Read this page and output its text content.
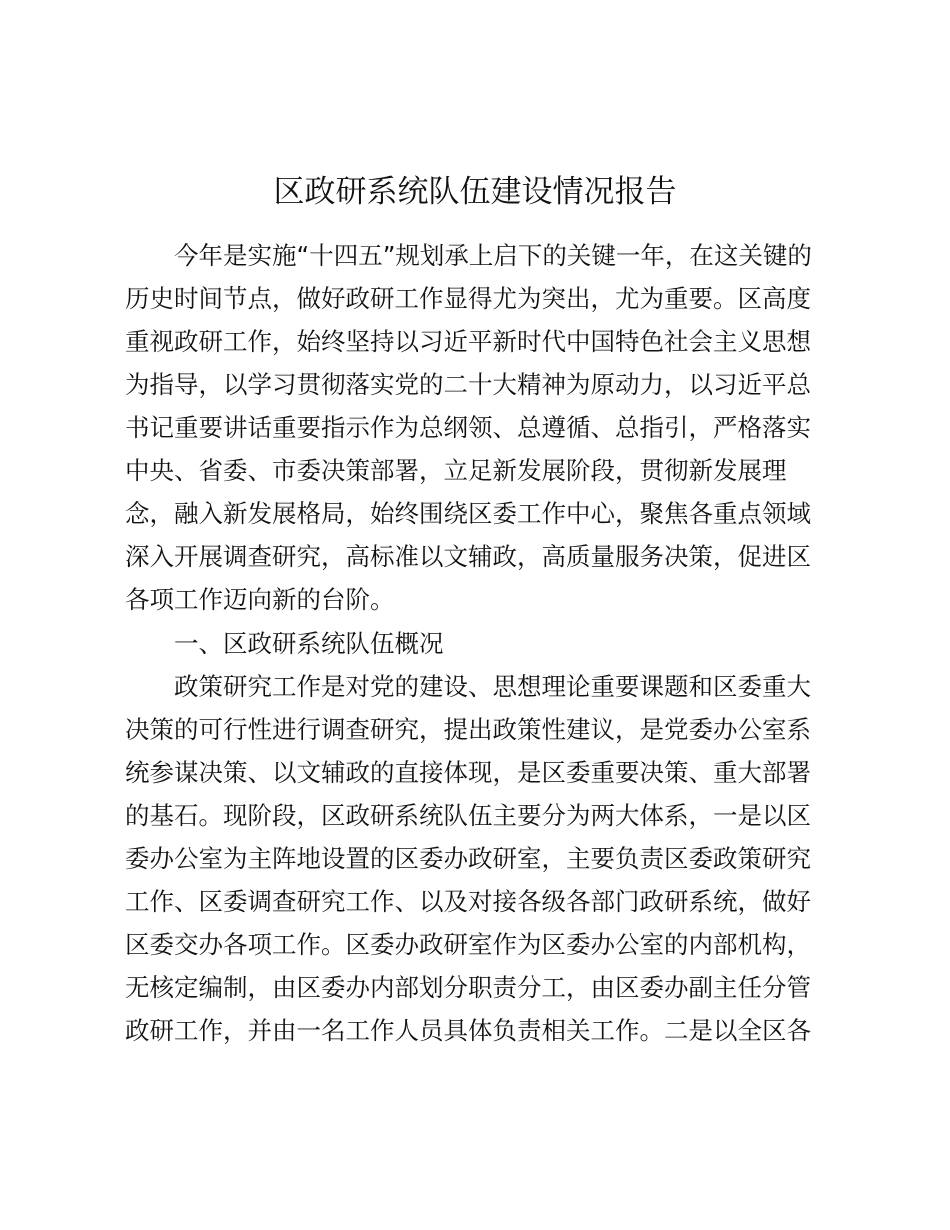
区政研系统队伍建设情况报告
今年是实施“十四五”规划承上启下的关键一年，在这关键的
历史时间节点，做好政研工作显得尤为突出，尤为重要。区高度
重视政研工作，始终坚持以习近平新时代中国特色社会主义思想
为指导，以学习贯彻落实党的二十大精神为原动力，以习近平总
书记重要讲话重要指示作为总纲领、总遵循、总指引，严格落实
中央、省委、市委决策部署，立足新发展阶段，贯彻新发展理
念，融入新发展格局，始终围绕区委工作中心，聚焦各重点领域
深入开展调查研究，高标准以文辅政，高质量服务决策，促进区
各项工作迈向新的台阶。
一、区政研系统队伍概况
政策研究工作是对党的建设、思想理论重要课题和区委重大
决策的可行性进行调查研究，提出政策性建议，是党委办公室系
统参谋决策、以文辅政的直接体现，是区委重要决策、重大部署
的基石。现阶段，区政研系统队伍主要分为两大体系，一是以区
委办公室为主阵地设置的区委办政研室，主要负责区委政策研究
工作、区委调查研究工作、以及对接各级各部门政研系统，做好
区委交办各项工作。区委办政研室作为区委办公室的内部机构，
无核定编制，由区委办内部划分职责分工，由区委办副主任分管
政研工作，并由一名工作人员具体负责相关工作。二是以全区各
